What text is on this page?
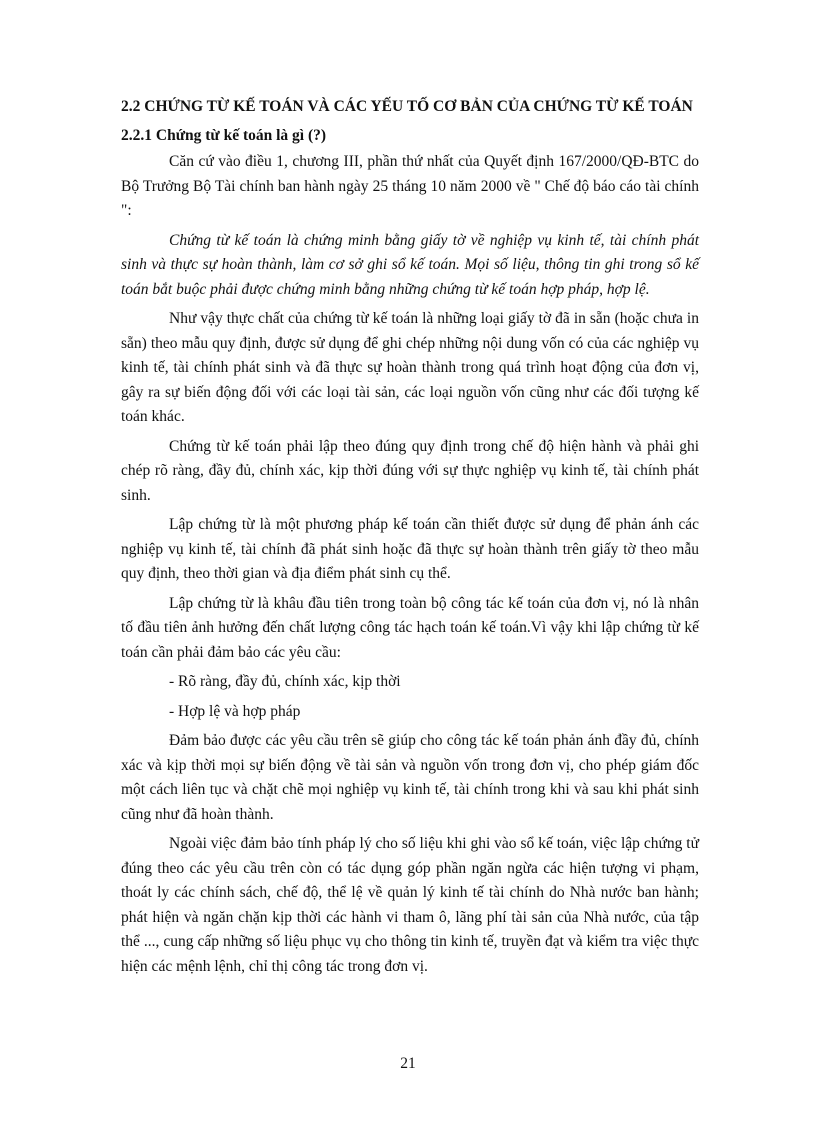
2.2 CHỨNG TỪ KẾ TOÁN VÀ CÁC YẾU TỐ CƠ BẢN CỦA CHỨNG TỪ KẾ TOÁN
2.2.1 Chứng từ kế toán là gì (?)

Căn cứ vào điều 1, chương III, phần thứ nhất của Quyết định 167/2000/QĐ-BTC do Bộ Trưởng Bộ Tài chính ban hành ngày 25 tháng 10 năm 2000 về " Chế độ báo cáo tài chính ":

Chứng từ kế toán là chứng minh bằng giấy tờ về nghiệp vụ kinh tế, tài chính phát sinh và thực sự hoàn thành, làm cơ sở ghi sổ kế toán. Mọi số liệu, thông tin ghi trong sổ kế toán bắt buộc phải được chứng minh bằng những chứng từ kế toán hợp pháp, hợp lệ.

Như vậy thực chất của chứng từ kế toán là những loại giấy tờ đã in sẵn (hoặc chưa in sẵn) theo mẫu quy định, được sử dụng để ghi chép những nội dung vốn có của các nghiệp vụ kinh tế, tài chính phát sinh và đã thực sự hoàn thành trong quá trình hoạt động của đơn vị, gây ra sự biến động đối với các loại tài sản, các loại nguồn vốn cũng như các đối tượng kế toán khác.

Chứng từ kế toán phải lập theo đúng quy định trong chế độ hiện hành và phải ghi chép rõ ràng, đầy đủ, chính xác, kịp thời đúng với sự thực nghiệp vụ kinh tế, tài chính phát sinh.

Lập chứng từ là một phương pháp kế toán cần thiết được sử dụng để phản ánh các nghiệp vụ kinh tế, tài chính đã phát sinh hoặc đã thực sự hoàn thành trên giấy tờ theo mẫu quy định, theo thời gian và địa điểm phát sinh cụ thể.

Lập chứng từ là khâu đầu tiên trong toàn bộ công tác kế toán của đơn vị, nó là nhân tố đầu tiên ảnh hưởng đến chất lượng công tác hạch toán kế toán.Vì vậy khi lập chứng từ kế toán cần phải đảm bảo các yêu cầu:

- Rõ ràng, đầy đủ, chính xác, kịp thời

- Hợp lệ và hợp pháp

Đảm bảo được các yêu cầu trên sẽ giúp cho công tác kế toán phản ánh đầy đủ, chính xác và kịp thời mọi sự biến động về tài sản và nguồn vốn trong đơn vị, cho phép giám đốc một cách liên tục và chặt chẽ mọi nghiệp vụ kinh tế, tài chính trong khi và sau khi phát sinh cũng như đã hoàn thành.

Ngoài việc đảm bảo tính pháp lý cho số liệu khi ghi vào sổ kế toán, việc lập chứng tử đúng theo các yêu cầu trên còn có tác dụng góp phần ngăn ngừa các hiện tượng vi phạm, thoát ly các chính sách, chế độ, thể lệ về quản lý kinh tế tài chính do Nhà nước ban hành; phát hiện và ngăn chặn kịp thời các hành vi tham ô, lãng phí tài sản của Nhà nước, của tập thể ..., cung cấp những số liệu phục vụ cho thông tin kinh tế, truyền đạt và kiểm tra việc thực hiện các mệnh lệnh, chỉ thị công tác trong đơn vị.

21
